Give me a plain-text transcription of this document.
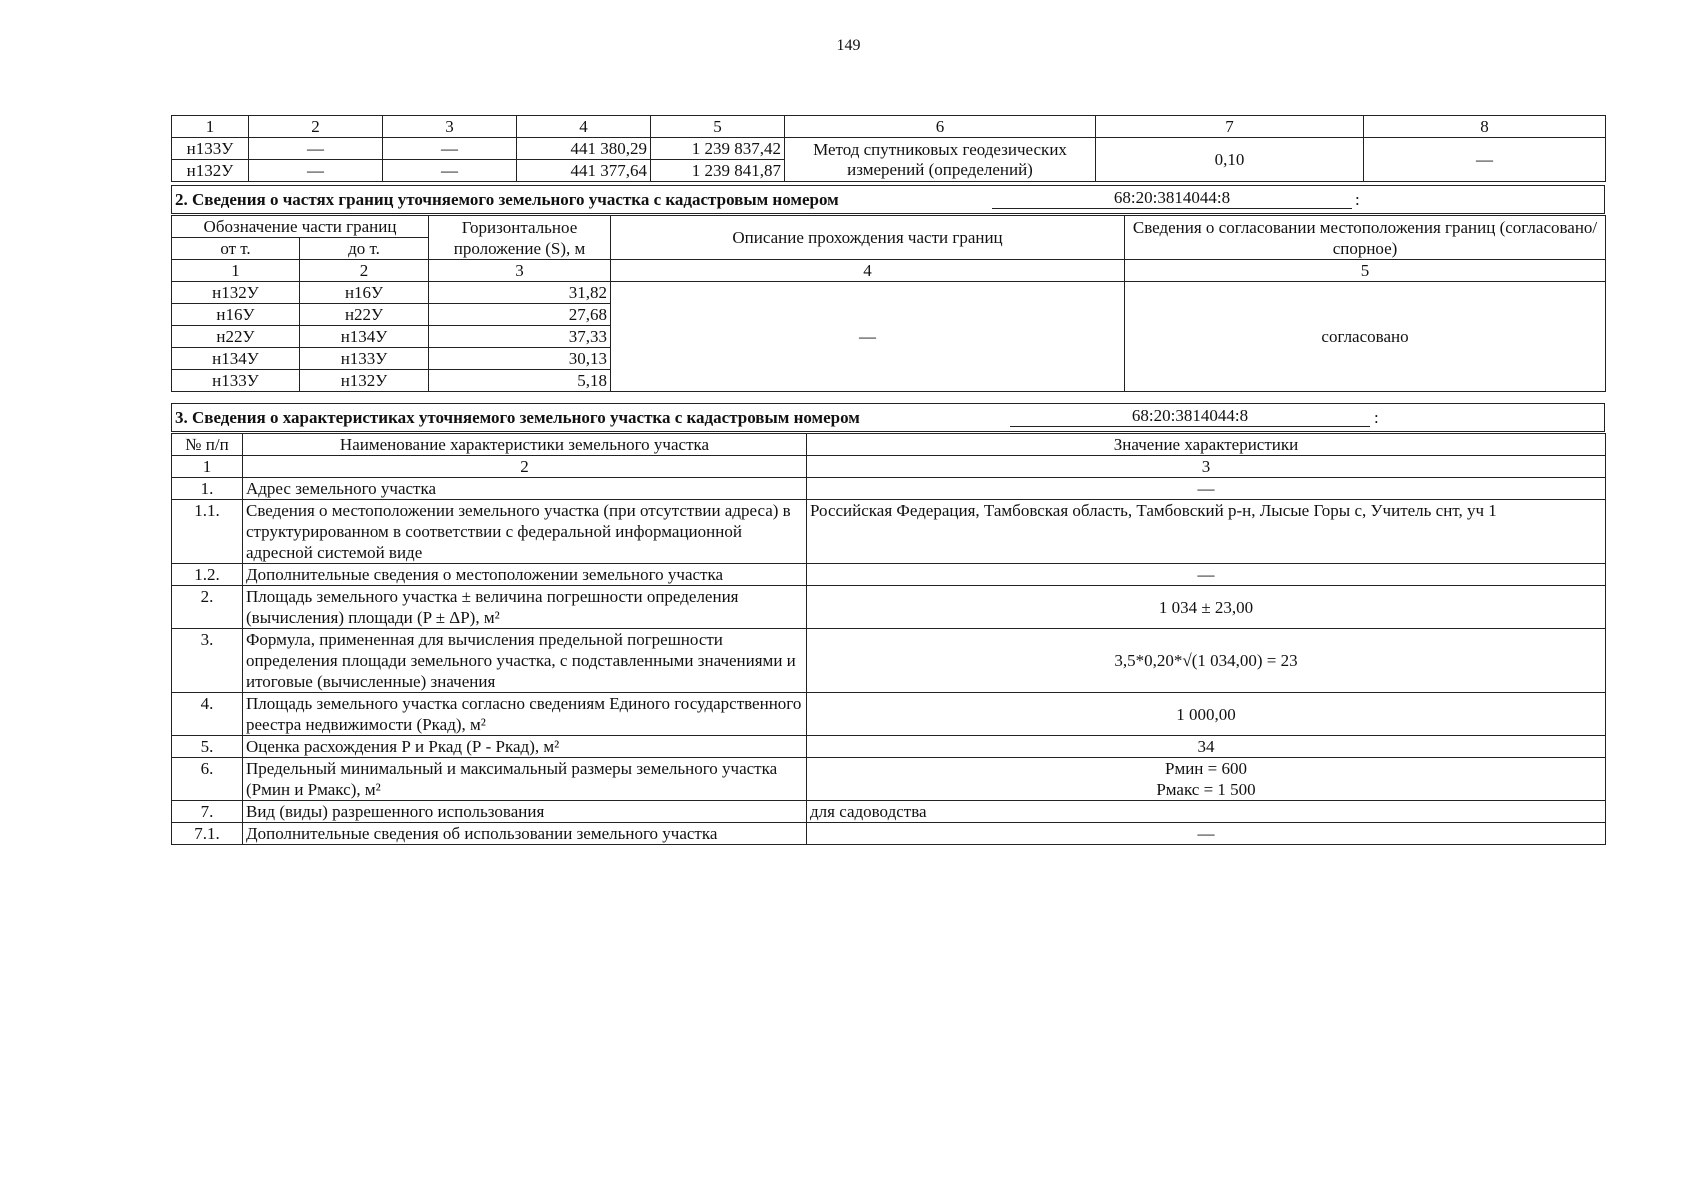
149
1	2	3	4	5	6	7	8
н133У	—	—	441 380,29	1 239 837,42	Метод спутниковых геодезических измерений (определений)	0,10	—
н132У	—	—	441 377,64	1 239 841,87			
2. Сведения о частях границ уточняемого земельного участка с кадастровым номером	68:20:3814044:8	:
Обозначение части границ		Горизонтальное проложение (S), м	Описание прохождения части границ	Сведения о согласовании местоположения границ (согласовано/спорное)
от т.	до т.			
1	2	3	4	5
н132У	н16У	31,82	—	согласовано
н16У	н22У	27,68		
н22У	н134У	37,33		
н134У	н133У	30,13		
н133У	н132У	5,18		
3. Сведения о характеристиках уточняемого земельного участка с кадастровым номером	68:20:3814044:8	:
№ п/п	Наименование характеристики земельного участка	Значение характеристики
1	2	3
1.	Адрес земельного участка	—
1.1.	Сведения о местоположении земельного участка (при отсутствии адреса) в структурированном в соответствии с федеральной информационной адресной системой виде	Российская Федерация, Тамбовская область, Тамбовский р-н, Лысые Горы с, Учитель снт, уч 1
1.2.	Дополнительные сведения о местоположении земельного участка	—
2.	Площадь земельного участка ± величина погрешности определения (вычисления) площади (P ± ΔP), м²	1 034 ± 23,00
3.	Формула, примененная для вычисления предельной погрешности определения площади земельного участка, с подставленными значениями и итоговые (вычисленные) значения	3,5*0,20*√(1 034,00) = 23
4.	Площадь земельного участка согласно сведениям Единого государственного реестра недвижимости (Ркад), м²	1 000,00
5.	Оценка расхождения Р и Ркад (Р - Ркад), м²	34
6.	Предельный минимальный и максимальный размеры земельного участка (Рмин и Рмакс), м²	Рмин = 600
Рмакс = 1 500

7.	Вид (виды) разрешенного использования	для садоводства
7.1.	Дополнительные сведения об использовании земельного участка	—
